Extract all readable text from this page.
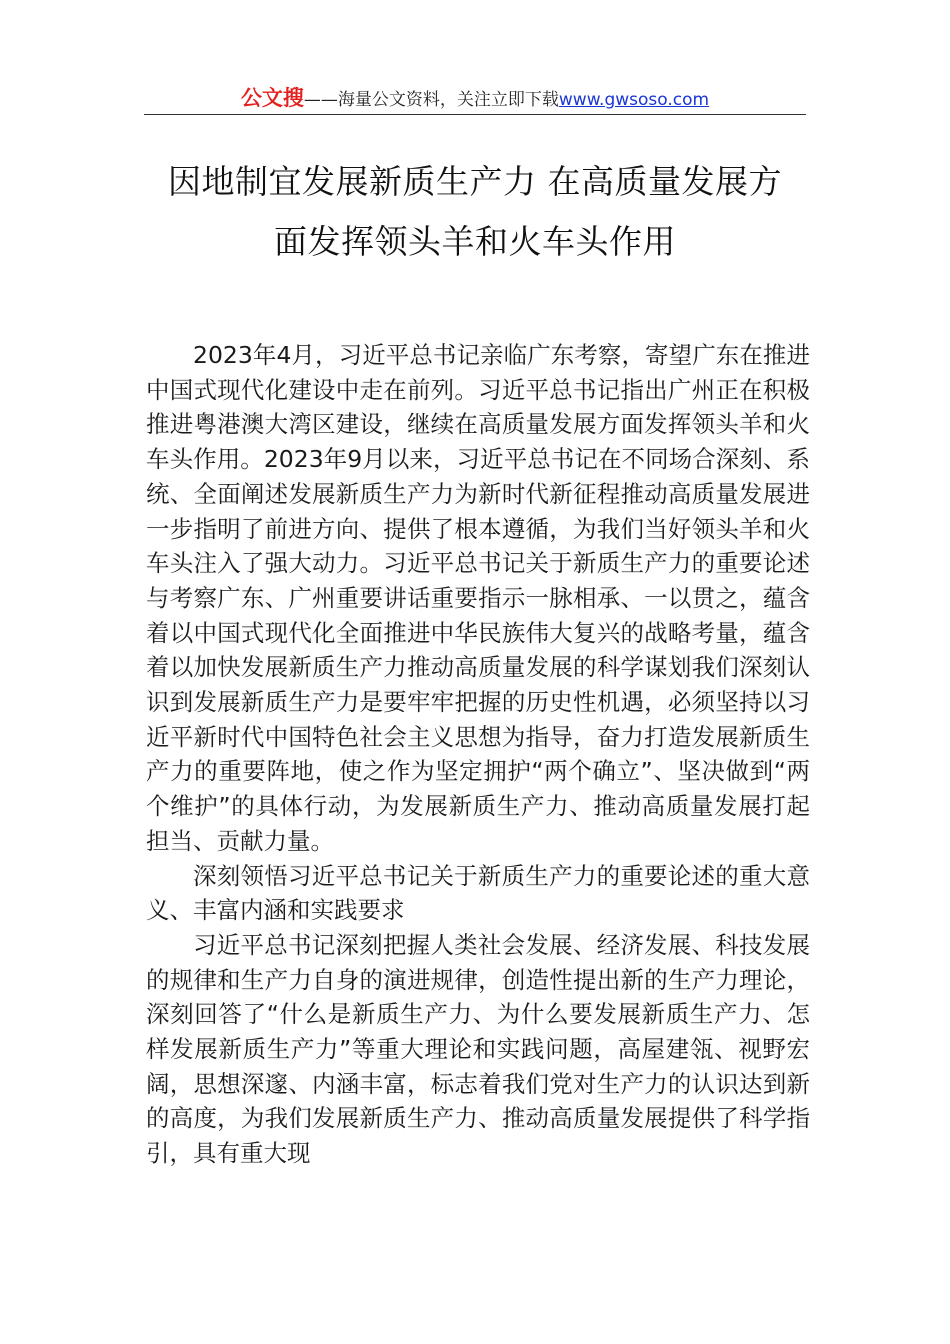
公文搜——海量公文资料，关注立即下载www.gwsoso.com
因地制宜发展新质生产力 在高质量发展方
面发挥领头羊和火车头作用

2023年4月，习近平总书记亲临广东考察，寄望广东在推进中国式现代化建设中走在前列。习近平总书记指出广州正在积极推进粤港澳大湾区建设，继续在高质量发展方面发挥领头羊和火车头作用。2023年9月以来，习近平总书记在不同场合深刻、系统、全面阐述发展新质生产力为新时代新征程推动高质量发展进一步指明了前进方向、提供了根本遵循，为我们当好领头羊和火车头注入了强大动力。习近平总书记关于新质生产力的重要论述与考察广东、广州重要讲话重要指示一脉相承、一以贯之，蕴含着以中国式现代化全面推进中华民族伟大复兴的战略考量，蕴含着以加快发展新质生产力推动高质量发展的科学谋划我们深刻认识到发展新质生产力是要牢牢把握的历史性机遇，必须坚持以习近平新时代中国特色社会主义思想为指导，奋力打造发展新质生产力的重要阵地，使之作为坚定拥护“两个确立”、坚决做到“两个维护”的具体行动，为发展新质生产力、推动高质量发展打起担当、贡献力量。

深刻领悟习近平总书记关于新质生产力的重要论述的重大意义、丰富内涵和实践要求

习近平总书记深刻把握人类社会发展、经济发展、科技发展的规律和生产力自身的演进规律，创造性提出新的生产力理论，深刻回答了“什么是新质生产力、为什么要发展新质生产力、怎样发展新质生产力”等重大理论和实践问题，高屋建瓴、视野宏阔，思想深邃、内涵丰富，标志着我们党对生产力的认识达到新的高度，为我们发展新质生产力、推动高质量发展提供了科学指引，具有重大现
